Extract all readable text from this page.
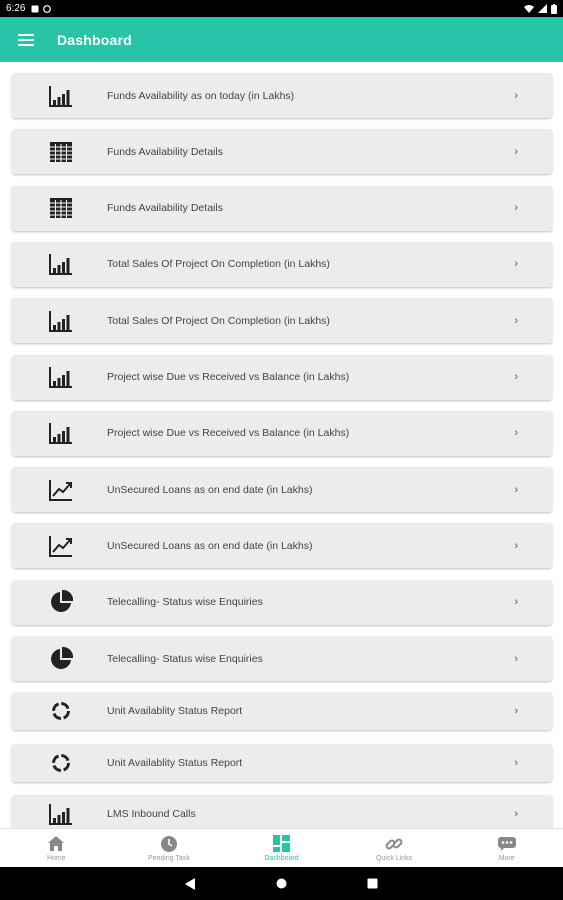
6:26
Dashboard
Funds Availability as on today (in Lakhs)	›
Funds Availability Details	›
Funds Availability Details	›
Total Sales Of Project On Completion (in Lakhs)	›
Total Sales Of Project On Completion (in Lakhs)	›
Project wise Due vs Received vs Balance (in Lakhs)	›
Project wise Due vs Received vs Balance (in Lakhs)	›
UnSecured Loans as on end date (in Lakhs)	›
UnSecured Loans as on end date (in Lakhs)	›
Telecalling- Status wise Enquiries	›
Telecalling- Status wise Enquiries	›
Unit Availablity Status Report	›
Unit Availablity Status Report	›
LMS Inbound Calls	›
Home	Pending Task	Dashboard	Quick Links	More
